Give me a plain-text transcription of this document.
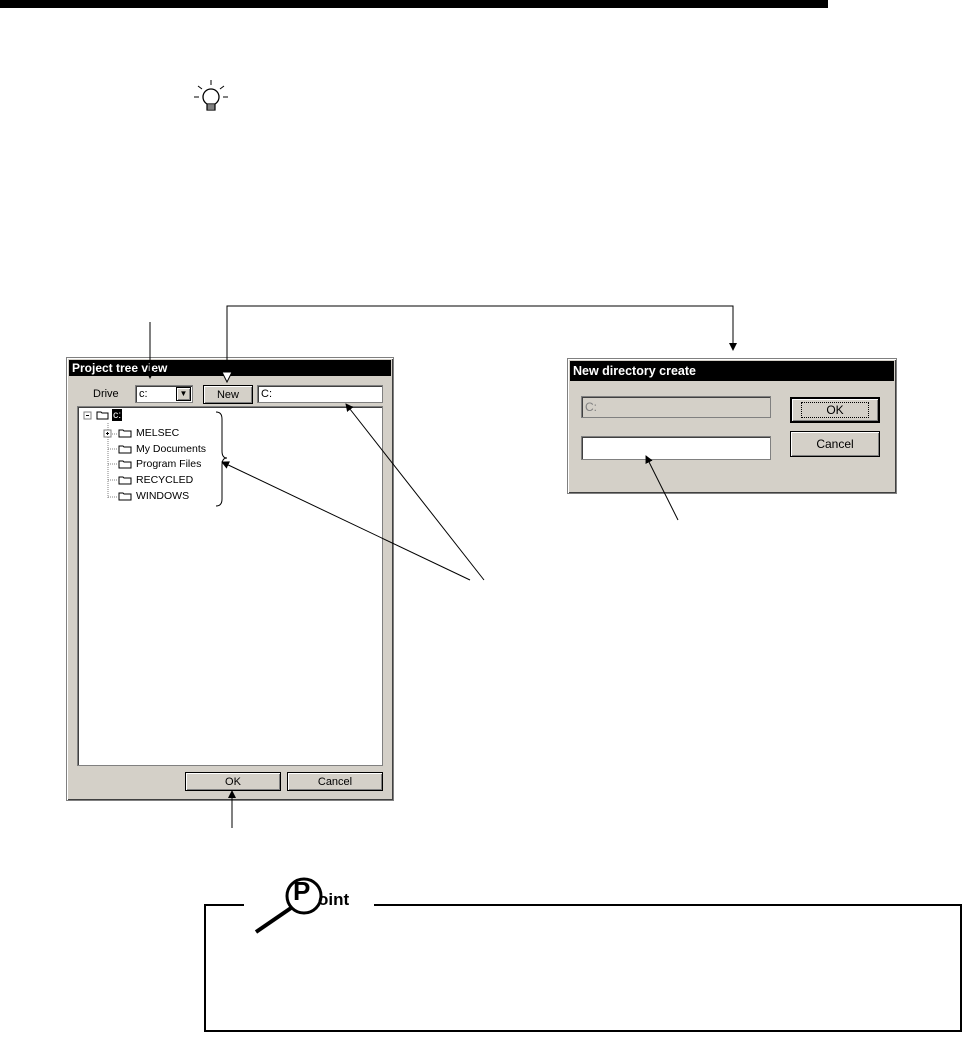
Project tree view
Drive	c:	▼	New	C:
c:
MELSEC
My Documents
Program Files
RECYCLED
WINDOWS
OK	Cancel
New directory create
C:	OK
Cancel
P oint
